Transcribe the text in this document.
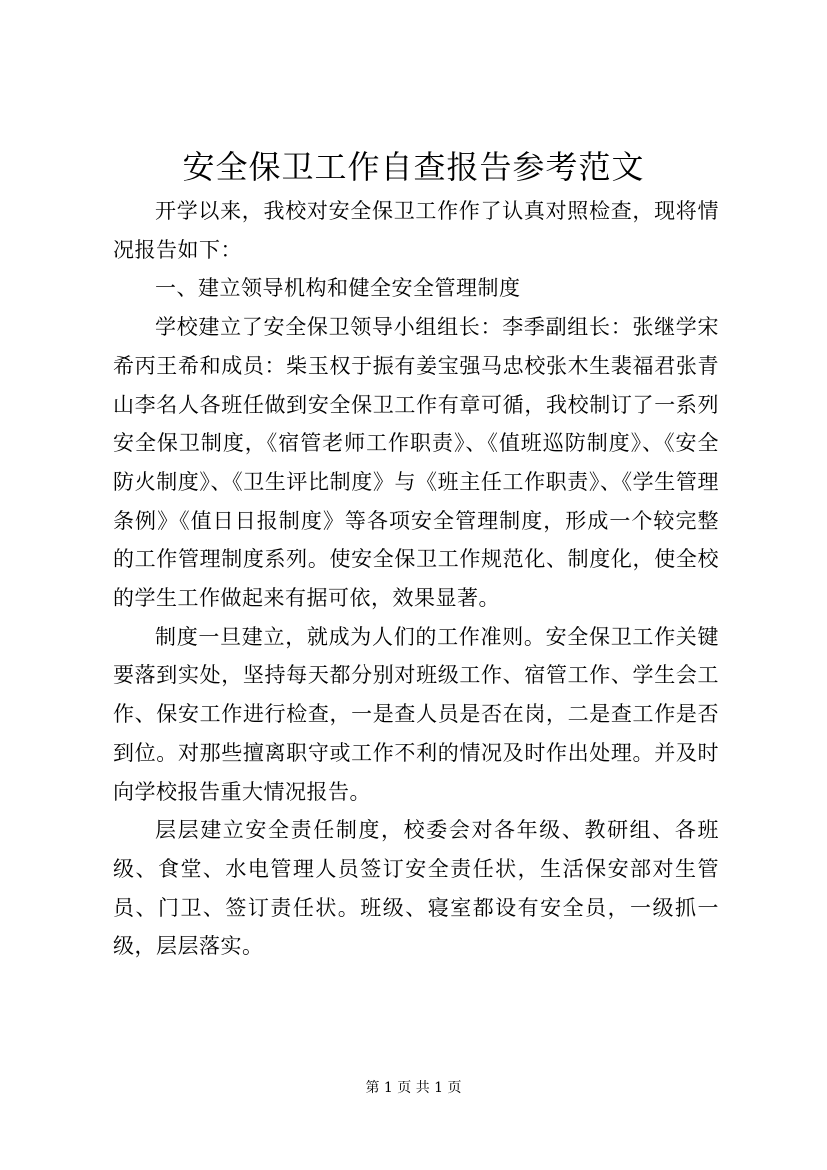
安全保卫工作自查报告参考范文

开学以来，我校对安全保卫工作作了认真对照检查，现将情况报告如下：

一、建立领导机构和健全安全管理制度

学校建立了安全保卫领导小组组长：李季副组长：张继学宋希丙王希和成员：柴玉权于振有姜宝强马忠校张木生裴福君张青山李名人各班任做到安全保卫工作有章可循，我校制订了一系列安全保卫制度，《宿管老师工作职责》、《值班巡防制度》、《安全防火制度》、《卫生评比制度》与《班主任工作职责》、《学生管理条例》《值日日报制度》等各项安全管理制度，形成一个较完整的工作管理制度系列。使安全保卫工作规范化、制度化，使全校的学生工作做起来有据可依，效果显著。

制度一旦建立，就成为人们的工作准则。安全保卫工作关键要落到实处，坚持每天都分别对班级工作、宿管工作、学生会工作、保安工作进行检查，一是查人员是否在岗，二是查工作是否到位。对那些擅离职守或工作不利的情况及时作出处理。并及时向学校报告重大情况报告。

层层建立安全责任制度，校委会对各年级、教研组、各班级、食堂、水电管理人员签订安全责任状，生活保安部对生管员、门卫、签订责任状。班级、寝室都设有安全员，一级抓一级，层层落实。

第 1 页 共 1 页
